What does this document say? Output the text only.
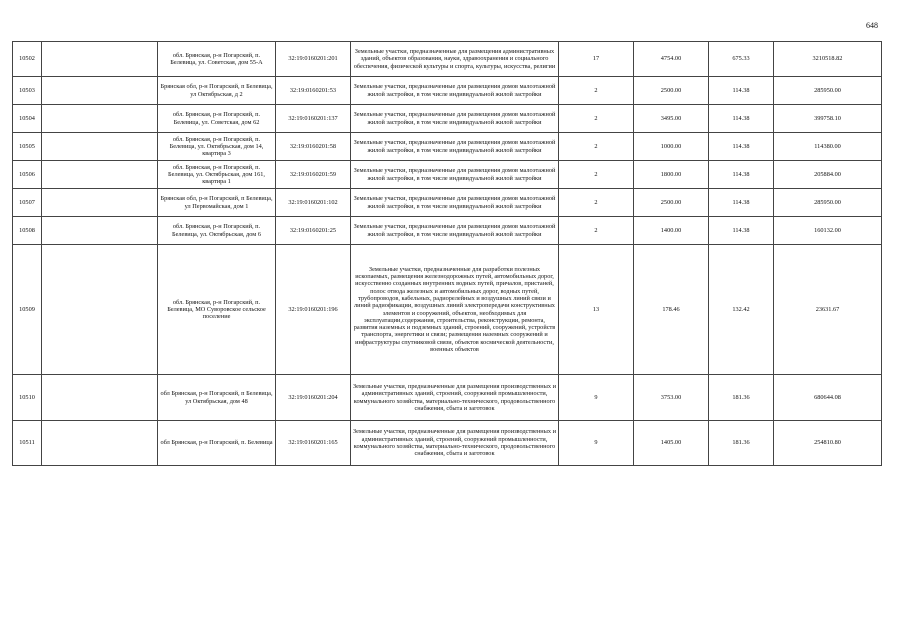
648
10502		обл. Брянская, р-н Погарский, п. Белевица, ул. Советская, дом 55-А	32:19:0160201:201	Земельные участки, предназначенные для размещения административных зданий, объектов образования, науки, здравоохранения и социального обеспечения, физической культуры и спорта, культуры, искусства, религии	17	4754.00	675.33	3210518.82
10503		Брянская обл, р-н Погарский, п Белевица, ул Октябрьская, д 2	32:19:0160201:53	Земельные участки, предназначенные для размещения домов малоэтажной жилой застройки, в том числе индивидуальной жилой застройки	2	2500.00	114.38	285950.00
10504		обл. Брянская, р-н Погарский, п. Белевица, ул. Советская, дом 62	32:19:0160201:137	Земельные участки, предназначенные для размещения домов малоэтажной жилой застройки, в том числе индивидуальной жилой застройки	2	3495.00	114.38	399758.10
10505		обл. Брянская, р-н Погарский, п. Белевица, ул. Октябрьская, дом 14, квартира 3	32:19:0160201:58	Земельные участки, предназначенные для размещения домов малоэтажной жилой застройки, в том числе индивидуальной жилой застройки	2	1000.00	114.38	114380.00
10506		обл. Брянская, р-н Погарский, п. Белевица, ул. Октябрьская, дом 161, квартира 1	32:19:0160201:59	Земельные участки, предназначенные для размещения домов малоэтажной жилой застройки, в том числе индивидуальной жилой застройки	2	1800.00	114.38	205884.00
10507		Брянская обл, р-н Погарский, п Белевица, ул Первомайская, дом 1	32:19:0160201:102	Земельные участки, предназначенные для размещения домов малоэтажной жилой застройки, в том числе индивидуальной жилой застройки	2	2500.00	114.38	285950.00
10508		обл. Брянская, р-н Погарский, п. Белевица, ул. Октябрьская, дом 6	32:19:0160201:25	Земельные участки, предназначенные для размещения домов малоэтажной жилой застройки, в том числе индивидуальной жилой застройки	2	1400.00	114.38	160132.00
10509		обл. Брянская, р-н Погарский, п. Белевица, МО Суворовское сельское поселение	32:19:0160201:196	Земельные участки, предназначенные для разработки полезных ископаемых, размещения железнодорожных путей, автомобильных дорог, искусственно созданных внутренних водных путей, причалов, пристаней, полос отвода железных и автомобильных дорог, водных путей, трубопроводов, кабельных, радиорелейных и воздушных линий связи и линий радиофикации, воздушных линий электропередачи конструктивных элементов и сооружений, объектов, необходимых для эксплуатации,содержания, строительства, реконструкции, ремонта, развития наземных и подземных зданий, строений, сооружений, устройств транспорта, энергетики и связи; размещения наземных сооружений и инфраструктуры спутниковой связи, объектов космической деятельности, военных объектов	13	178.46	132.42	23631.67
10510		обл Брянская, р-н Погарский, п Белевица, ул Октябрьская, дом 48	32:19:0160201:204	Земельные участки, предназначенные для размещения производственных и административных зданий, строений, сооружений промышленности, коммунального хозяйства, материально-технического, продовольственного снабжения, сбыта и заготовок	9	3753.00	181.36	680644.08
10511		обл Брянская, р-н Погарский, п. Белевица	32:19:0160201:165	Земельные участки, предназначенные для размещения производственных и административных зданий, строений, сооружений промышленности, коммунального хозяйства, материально-технического, продовольственного снабжения, сбыта и заготовок	9	1405.00	181.36	254810.80
